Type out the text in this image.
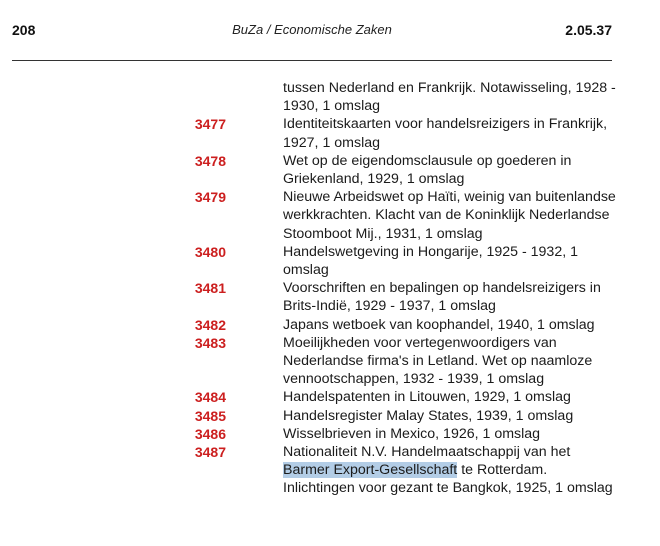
208	BuZa / Economische Zaken	2.05.37
tussen Nederland en Frankrijk. Notawisseling, 1928 - 1930, 1 omslag
3477	Identiteitskaarten voor handelsreizigers in Frankrijk, 1927, 1 omslag
3478	Wet op de eigendomsclausule op goederen in Griekenland, 1929, 1 omslag
3479	Nieuwe Arbeidswet op Haïti, weinig van buitenlandse werkkrachten. Klacht van de Koninklijk Nederlandse Stoomboot Mij., 1931, 1 omslag
3480	Handelswetgeving in Hongarije, 1925 - 1932, 1 omslag
3481	Voorschriften en bepalingen op handelsreizigers in Brits-Indië, 1929 - 1937, 1 omslag
3482	Japans wetboek van koophandel, 1940, 1 omslag
3483	Moeilijkheden voor vertegenwoordigers van Nederlandse firma's in Letland. Wet op naamloze vennootschappen, 1932 - 1939, 1 omslag
3484	Handelspatenten in Litouwen, 1929, 1 omslag
3485	Handelsregister Malay States, 1939, 1 omslag
3486	Wisselbrieven in Mexico, 1926, 1 omslag
3487	Nationaliteit N.V. Handelmaatschappij van het Barmer Export-Gesellschaft te Rotterdam. Inlichtingen voor gezant te Bangkok, 1925, 1 omslag
